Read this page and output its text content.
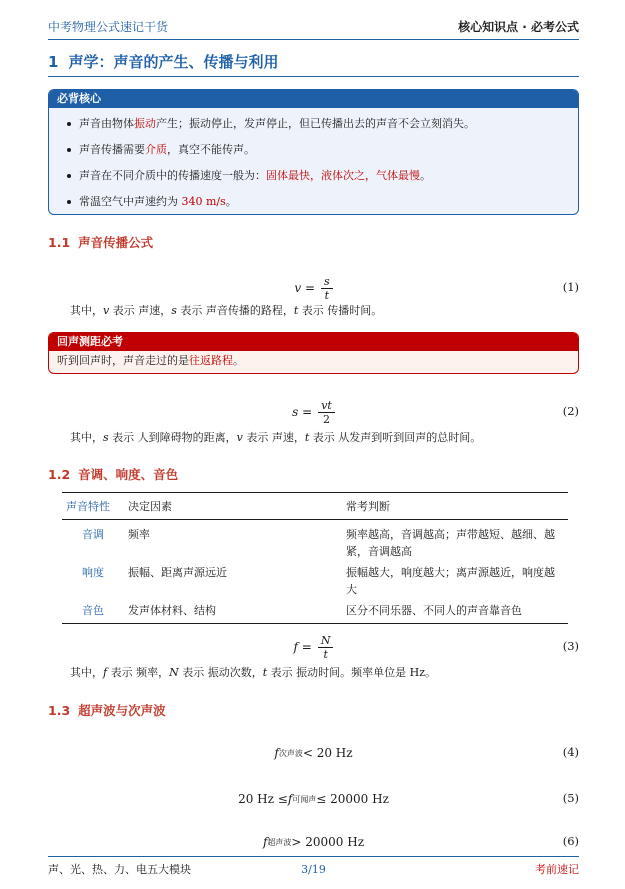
中考物理公式速记干货	核心知识点 · 必考公式
1 声学：声音的产生、传播与利用
必背核心
声音由物体振动产生；振动停止，发声停止，但已传播出去的声音不会立刻消失。
声音传播需要介质，真空不能传声。
声音在不同介质中的传播速度一般为：固体最快，液体次之，气体最慢。
常温空气中声速约为 340 m/s。
1.1 声音传播公式
$v = \frac{s}{t}$	(1)
其中，v 表示 声速，s 表示 声音传播的路程，t 表示 传播时间。
回声测距必考
听到回声时，声音走过的是往返路程。
$s = \frac{vt}{2}$	(2)
其中，s 表示 人到障碍物的距离，v 表示 声速，t 表示 从发声到听到回声的总时间。
1.2 音调、响度、音色
声音特性	决定因素	常考判断
音调	频率	频率越高，音调越高；声带越短、越细、越紧，音调越高
响度	振幅、距离声源远近	振幅越大，响度越大；离声源越近，响度越大
音色	发声体材料、结构	区分不同乐器、不同人的声音靠音色
$f = \frac{N}{t}$	(3)
其中，f 表示 频率，N 表示 振动次数，t 表示 振动时间。频率单位是 Hz。
1.3 超声波与次声波
f 次声波 < 20 Hz	(4)
20 Hz ≤ f 可闻声 ≤ 20000 Hz	(5)
f 超声波 > 20000 Hz	(6)
3/19
声、光、热、力、电五大模块	考前速记
